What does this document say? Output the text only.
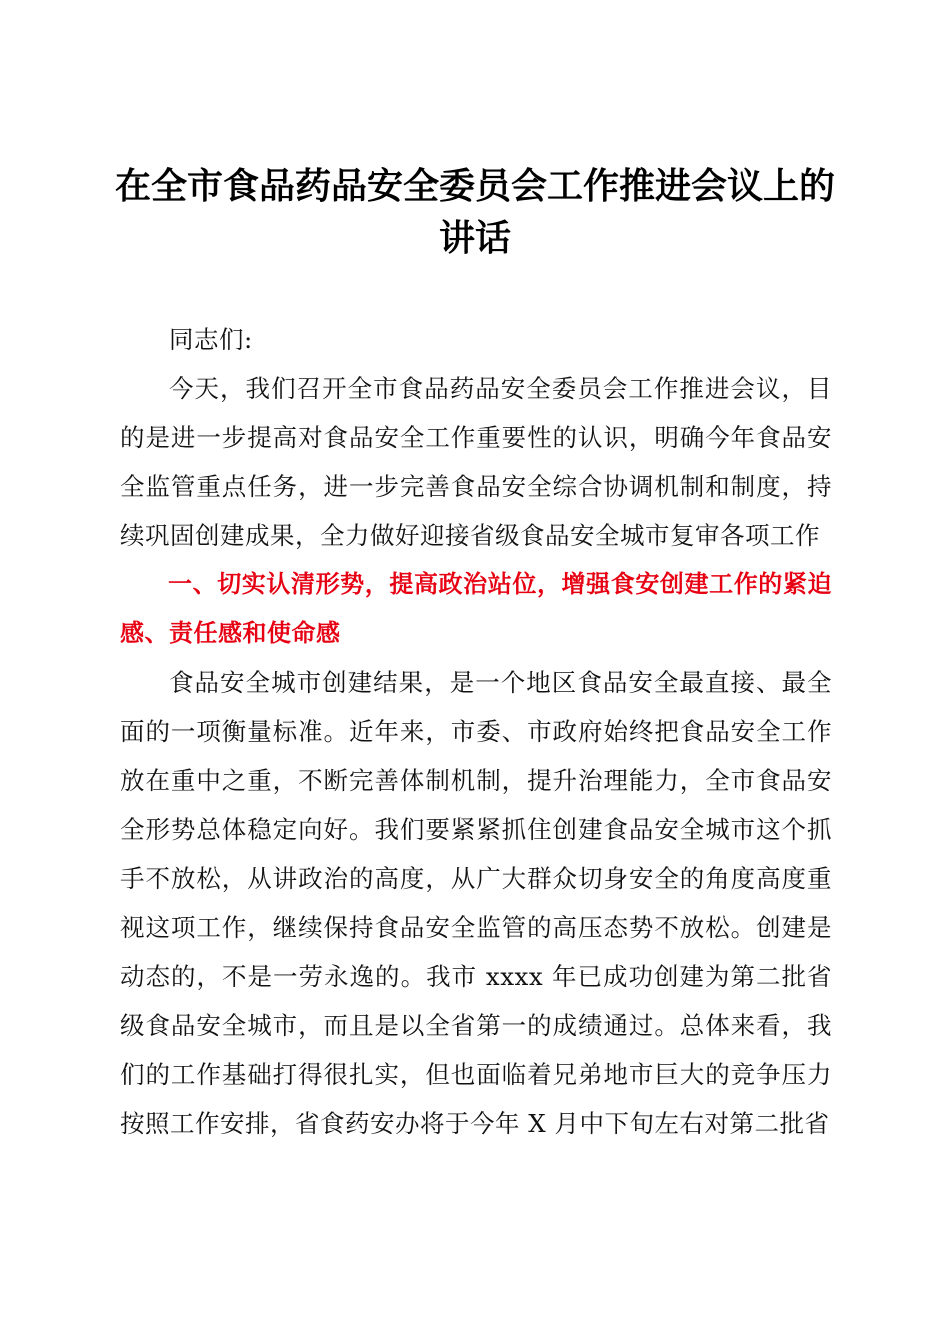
在全市食品药品安全委员会工作推进会议上的讲话

同志们:

今天，我们召开全市食品药品安全委员会工作推进会议，目的是进一步提高对食品安全工作重要性的认识，明确今年食品安全监管重点任务，进一步完善食品安全综合协调机制和制度，持续巩固创建成果，全力做好迎接省级食品安全城市复审各项工作

一、切实认清形势，提高政治站位，增强食安创建工作的紧迫感、责任感和使命感

食品安全城市创建结果，是一个地区食品安全最直接、最全面的一项衡量标准。近年来，市委、市政府始终把食品安全工作放在重中之重，不断完善体制机制，提升治理能力，全市食品安全形势总体稳定向好。我们要紧紧抓住创建食品安全城市这个抓手不放松，从讲政治的高度，从广大群众切身安全的角度高度重视这项工作，继续保持食品安全监管的高压态势不放松。创建是动态的，不是一劳永逸的。我市 xxxx 年已成功创建为第二批省级食品安全城市，而且是以全省第一的成绩通过。总体来看，我们的工作基础打得很扎实，但也面临着兄弟地市巨大的竞争压力按照工作安排，省食药安办将于今年 X 月中下旬左右对第二批省
